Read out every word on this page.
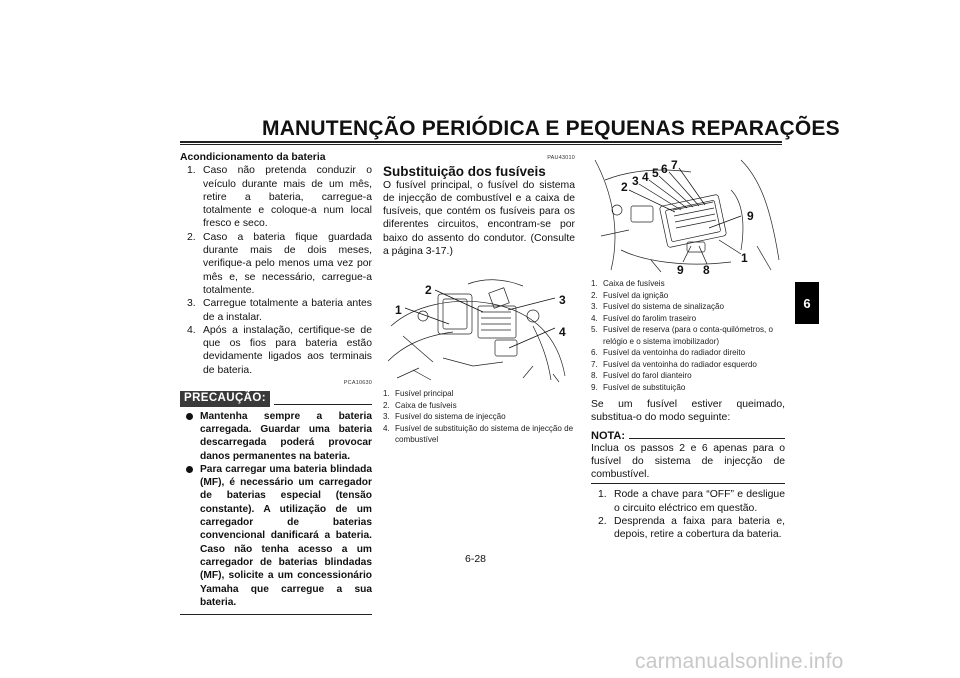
MANUTENÇÃO PERIÓDICA E PEQUENAS REPARAÇÕES
6
Acondicionamento da bateria
1. Caso não pretenda conduzir o veículo durante mais de um mês, retire a bateria, carregue-a totalmente e coloque-a num local fresco e seco.
2. Caso a bateria fique guardada durante mais de dois meses, verifique-a pelo menos uma vez por mês e, se necessário, carregue-a totalmente.
3. Carregue totalmente a bateria antes de a instalar.
4. Após a instalação, certifique-se de que os fios para bateria estão devidamente ligados aos terminais de bateria.
PCA10630
PRECAUÇÃO:
Mantenha sempre a bateria carregada. Guardar uma bateria descarregada poderá provocar danos permanentes na bateria.
Para carregar uma bateria blindada (MF), é necessário um carregador de baterias especial (tensão constante). A utilização de um carregador de baterias convencional danificará a bateria. Caso não tenha acesso a um carregador de baterias blindadas (MF), solicite a um concessionário Yamaha que carregue a sua bateria.
PAU43010
Substituição dos fusíveis
O fusível principal, o fusível do sistema de injecção de combustível e a caixa de fusíveis, que contém os fusíveis para os diferentes circuitos, encontram-se por baixo do assento do condutor. (Consulte a página 3-17.)
1
2
3
4
1. Fusível principal
2. Caixa de fusíveis
3. Fusível do sistema de injecção
4. Fusível de substituição do sistema de injecção de combustível
2 3 4 5 6 7
9
1
9 8
1. Caixa de fusíveis
2. Fusível da ignição
3. Fusível do sistema de sinalização
4. Fusível do farolim traseiro
5. Fusível de reserva (para o conta-quilómetros, o relógio e o sistema imobilizador)
6. Fusível da ventoinha do radiador direito
7. Fusível da ventoinha do radiador esquerdo
8. Fusível do farol dianteiro
9. Fusível de substituição
Se um fusível estiver queimado, substitua-o do modo seguinte:
NOTA:
Inclua os passos 2 e 6 apenas para o fusível do sistema de injecção de combustível.
1. Rode a chave para “OFF” e desligue o circuito eléctrico em questão.
2. Desprenda a faixa para bateria e, depois, retire a cobertura da bateria.
6-28
carmanualsonline.info
